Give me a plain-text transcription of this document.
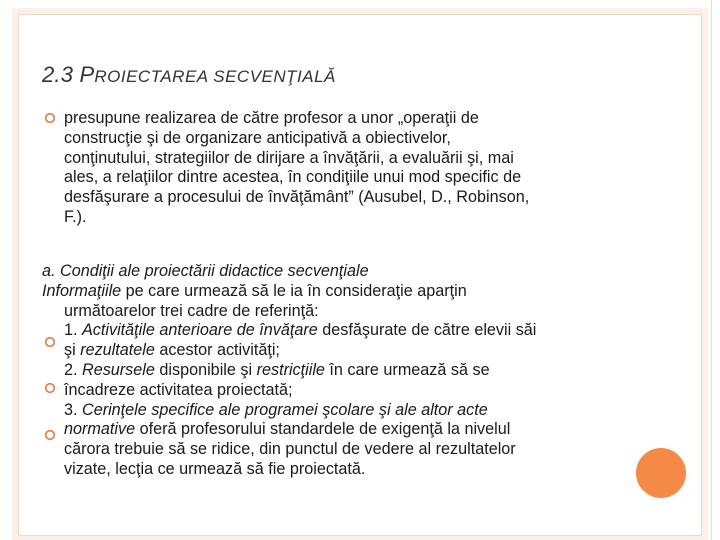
2.3 PROIECTAREA SECVENŢIALĂ

presupune realizarea de către profesor a unor „operaţii de
construcţie şi de organizare anticipativă a obiectivelor,
conţinutului, strategiilor de dirijare a învăţării, a evaluării şi, mai
ales, a relaţiilor dintre acestea, în condiţiile unui mod specific de
desfăşurare a procesului de învăţământ” (Ausubel, D., Robinson,
F.).

a. Condiţii ale proiectării didactice secvenţiale
Informaţiile pe care urmează să le ia în consideraţie aparţin
următoarelor trei cadre de referinţă:
1. Activităţile anterioare de învăţare desfăşurate de către elevii săi
şi rezultatele acestor activităţi;
2. Resursele disponibile şi restricţiile în care urmează să se
încadreze activitatea proiectată;
3. Cerinţele specifice ale programei şcolare şi ale altor acte
normative oferă profesorului standardele de exigenţă la nivelul
cărora trebuie să se ridice, din punctul de vedere al rezultatelor
vizate, lecţia ce urmează să fie proiectată.
